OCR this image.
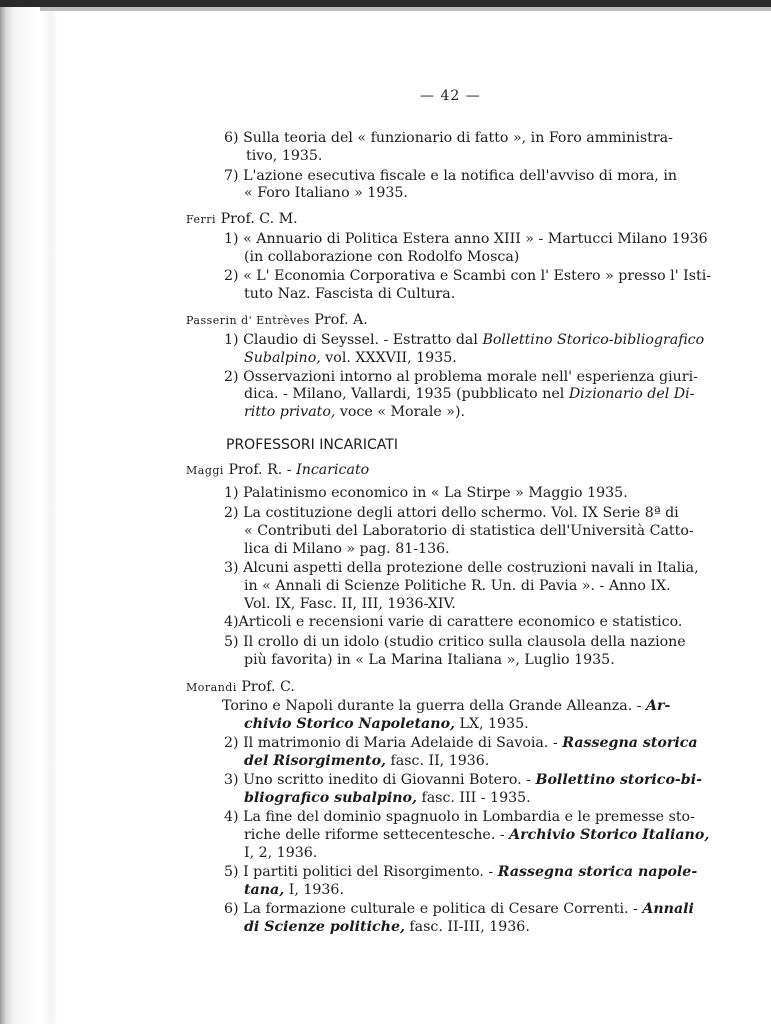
— 42 —
6) Sulla teoria del « funzionario di fatto », in Foro amministra-
tivo, 1935.
7) L'azione esecutiva fiscale e la notifica dell'avviso di mora, in
« Foro Italiano » 1935.
Ferri Prof. C. M.
1) « Annuario di Politica Estera anno XIII » - Martucci Milano 1936
(in collaborazione con Rodolfo Mosca)
2) « L' Economia Corporativa e Scambi con l' Estero » presso l' Isti-
tuto Naz. Fascista di Cultura.
Passerin d' Entrèves Prof. A.
1) Claudio di Seyssel. - Estratto dal Bollettino Storico-bibliografico
Subalpino, vol. XXXVII, 1935.
2) Osservazioni intorno al problema morale nell' esperienza giuri-
dica. - Milano, Vallardi, 1935 (pubblicato nel Dizionario del Di-
ritto privato, voce « Morale »).
PROFESSORI INCARICATI
Maggi Prof. R. - Incaricato
1) Palatinismo economico in « La Stirpe » Maggio 1935.
2) La costituzione degli attori dello schermo. Vol. IX Serie 8ª di
« Contributi del Laboratorio di statistica dell'Università Catto-
lica di Milano » pag. 81-136.
3) Alcuni aspetti della protezione delle costruzioni navali in Italia,
in « Annali di Scienze Politiche R. Un. di Pavia ». - Anno IX.
Vol. IX, Fasc. II, III, 1936-XIV.
4)Articoli e recensioni varie di carattere economico e statistico.
5) Il crollo di un idolo (studio critico sulla clausola della nazione
più favorita) in « La Marina Italiana », Luglio 1935.
Morandi Prof. C.
Torino e Napoli durante la guerra della Grande Alleanza. - Ar-
chivio Storico Napoletano, LX, 1935.
2) Il matrimonio di Maria Adelaide di Savoia. - Rassegna storica
del Risorgimento, fasc. II, 1936.
3) Uno scritto inedito di Giovanni Botero. - Bollettino storico-bi-
bliografico subalpino, fasc. III - 1935.
4) La fine del dominio spagnuolo in Lombardia e le premesse sto-
riche delle riforme settecentesche. - Archivio Storico Italiano,
I, 2, 1936.
5) I partiti politici del Risorgimento. - Rassegna storica napole-
tana, I, 1936.
6) La formazione culturale e politica di Cesare Correnti. - Annali
di Scienze politiche, fasc. II-III, 1936.
